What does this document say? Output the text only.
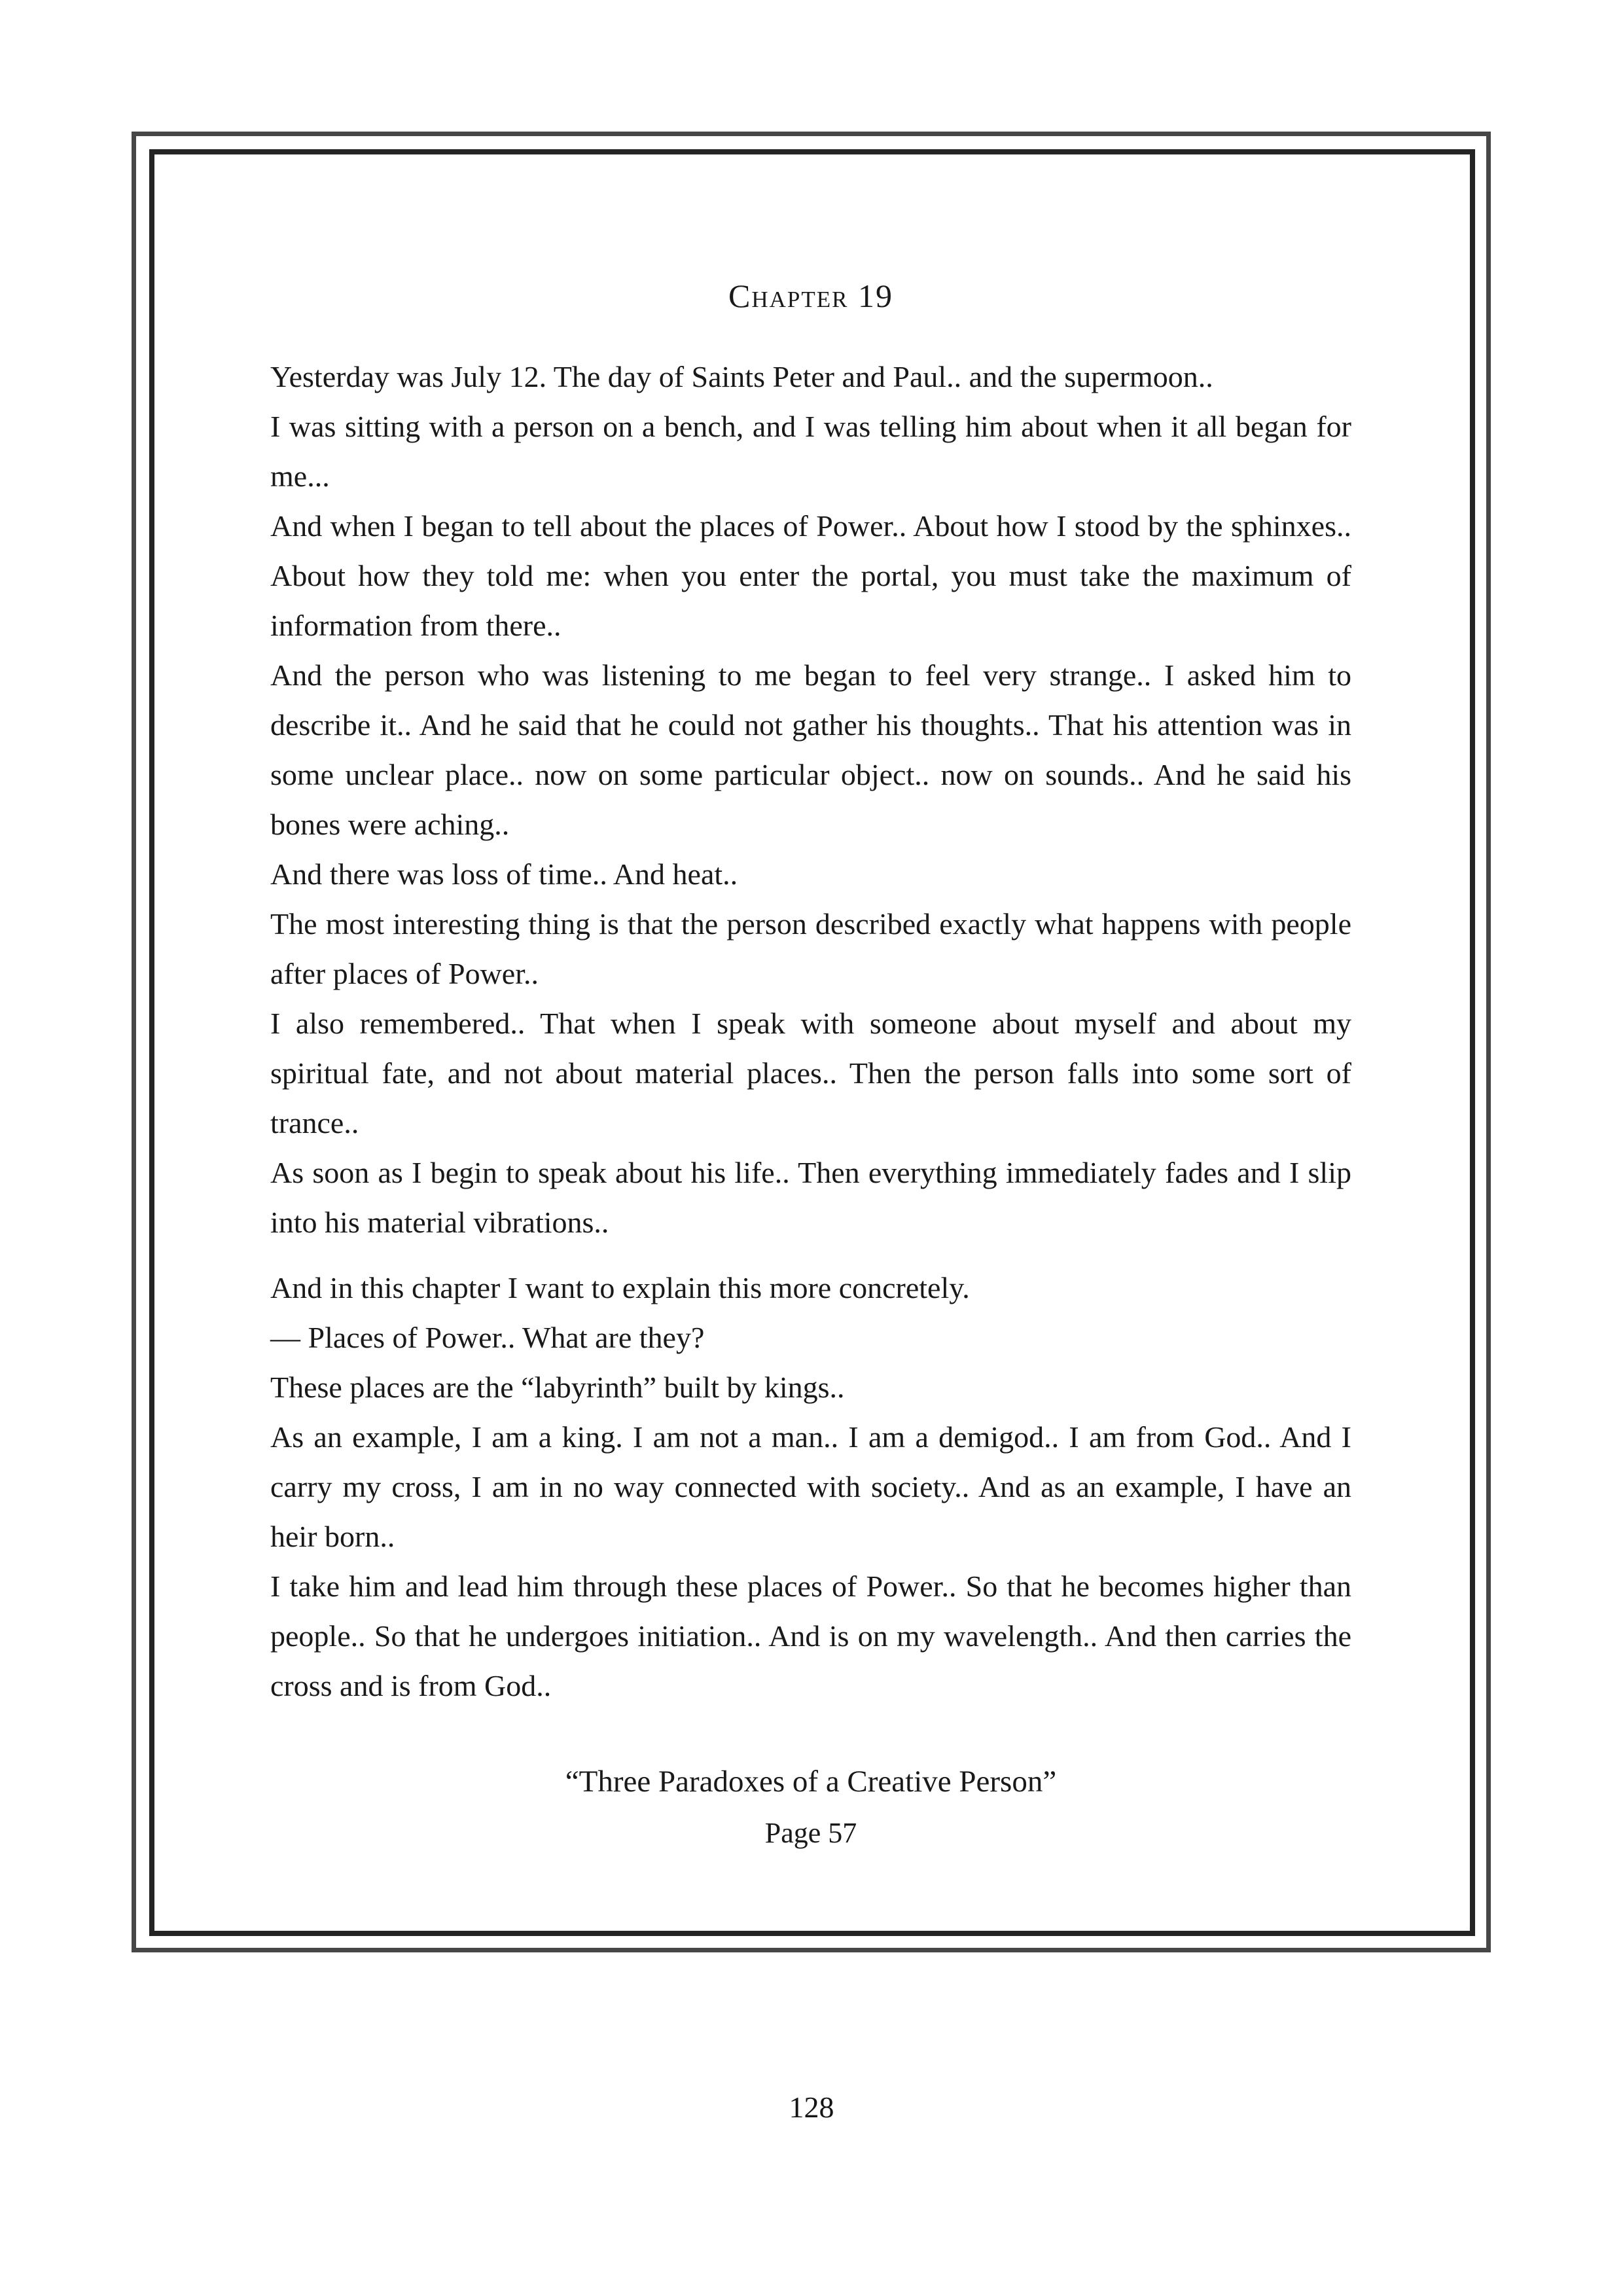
Chapter 19

Yesterday was July 12. The day of Saints Peter and Paul.. and the supermoon..

I was sitting with a person on a bench, and I was telling him about when it all began for me...

And when I began to tell about the places of Power.. About how I stood by the sphinxes.. About how they told me: when you enter the portal, you must take the maximum of information from there..

And the person who was listening to me began to feel very strange.. I asked him to describe it.. And he said that he could not gather his thoughts.. That his attention was in some unclear place.. now on some particular object.. now on sounds.. And he said his bones were aching..

And there was loss of time.. And heat..

The most interesting thing is that the person described exactly what happens with people after places of Power..

I also remembered.. That when I speak with someone about myself and about my spiritual fate, and not about material places.. Then the person falls into some sort of trance..

As soon as I begin to speak about his life.. Then everything immediately fades and I slip into his material vibrations..

And in this chapter I want to explain this more concretely.

— Places of Power.. What are they?

These places are the “labyrinth” built by kings..

As an example, I am a king. I am not a man.. I am a demigod.. I am from God.. And I carry my cross, I am in no way connected with society.. And as an example, I have an heir born..

I take him and lead him through these places of Power.. So that he becomes higher than people.. So that he undergoes initiation.. And is on my wavelength.. And then carries the cross and is from God..

“Three Paradoxes of a Creative Person”
Page 57
128
